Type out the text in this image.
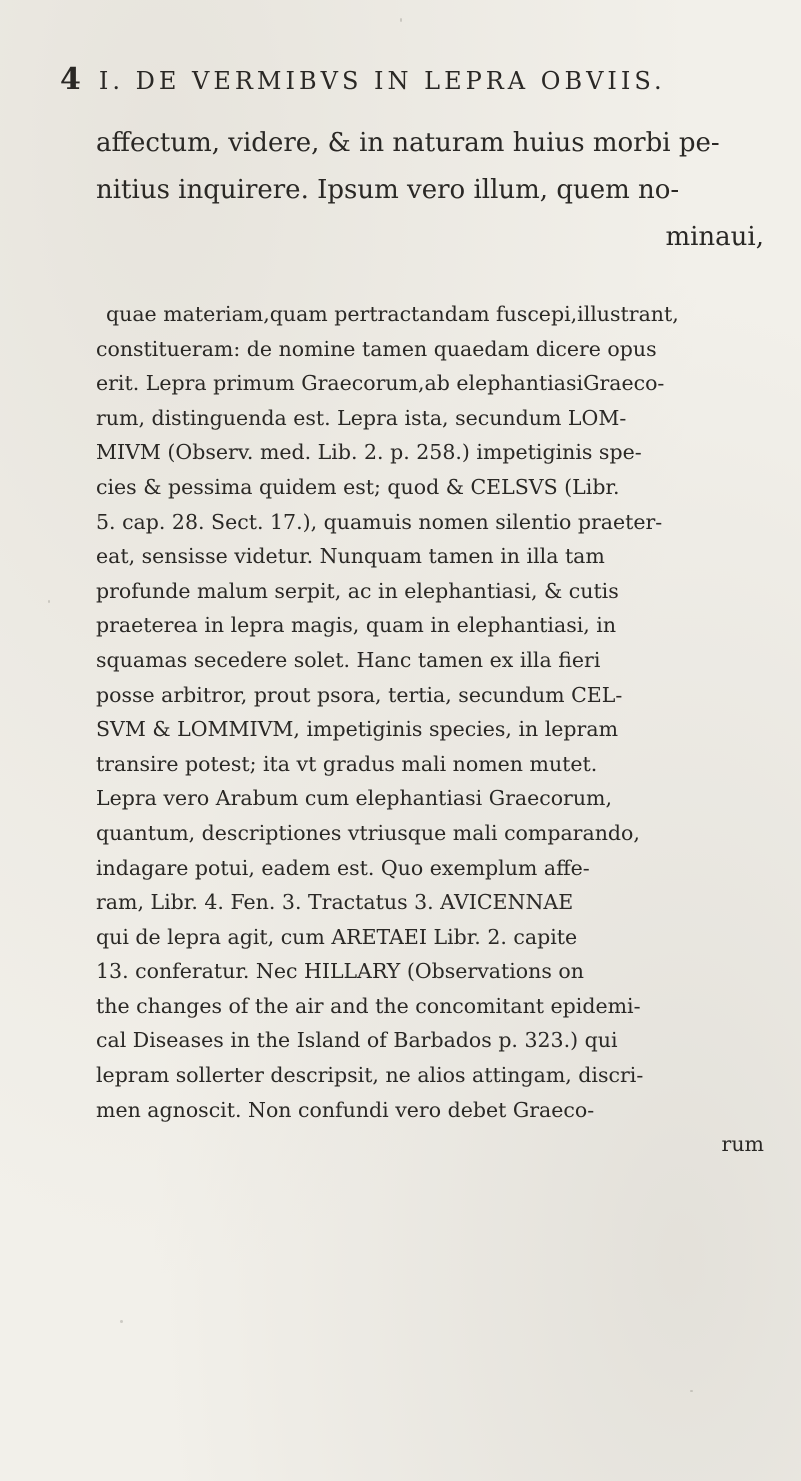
4 I. DE VERMIBVS IN LEPRA OBVIIS.
affectum, videre, & in naturam huius morbi pe-
nitius inquirere. Ipsum vero illum, quem no-
minaui,
quae materiam,quam pertractandam fuscepi,illustrant,
constitueram: de nomine tamen quaedam dicere opus
erit. Lepra primum Graecorum,ab elephantiasiGraeco-
rum, distinguenda est. Lepra ista, secundum LOM-
MIVM (Observ. med. Lib. 2. p. 258.) impetiginis spe-
cies & pessima quidem est; quod & CELSVS (Libr.
5. cap. 28. Sect. 17.), quamuis nomen silentio praeter-
eat, sensisse videtur. Nunquam tamen in illa tam
profunde malum serpit, ac in elephantiasi, & cutis
praeterea in lepra magis, quam in elephantiasi, in
squamas secedere solet. Hanc tamen ex illa fieri
posse arbitror, prout psora, tertia, secundum CEL-
SVM & LOMMIVM, impetiginis species, in lepram
transire potest; ita vt gradus mali nomen mutet.
Lepra vero Arabum cum elephantiasi Graecorum,
quantum, descriptiones vtriusque mali comparando,
indagare potui, eadem est. Quo exemplum affe-
ram, Libr. 4. Fen. 3. Tractatus 3. AVICENNAE
qui de lepra agit, cum ARETAEI Libr. 2. capite
13. conferatur. Nec HILLARY (Observations on
the changes of the air and the concomitant epidemi-
cal Diseases in the Island of Barbados p. 323.) qui
lepram sollerter descripsit, ne alios attingam, discri-
men agnoscit. Non confundi vero debet Graeco-
rum
